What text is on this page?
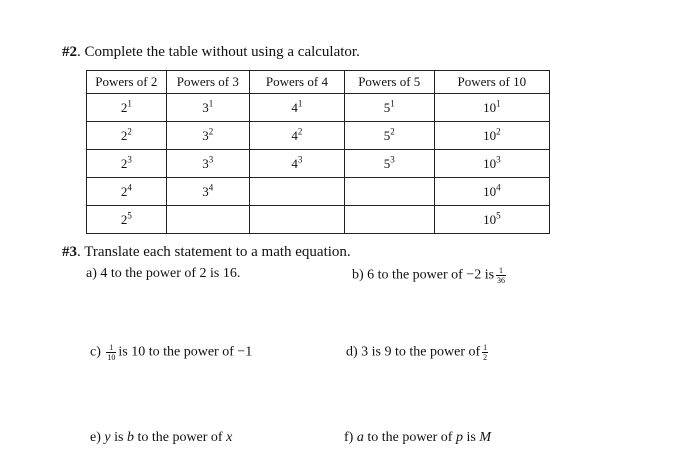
#2. Complete the table without using a calculator.
Powers of 2	Powers of 3	Powers of 4	Powers of 5	Powers of 10
$2^1$	$3^1$	$4^1$	$5^1$	$10^1$
$2^2$	$3^2$	$4^2$	$5^2$	$10^2$
$2^3$	$3^3$	$4^3$	$5^3$	$10^3$
$2^4$	$3^4$			$10^4$
$2^5$				$10^5$
#3. Translate each statement to a math equation.
a) 4 to the power of 2 is 16.	b) 6 to the power of −2 is $\frac{1}{36}$
$c) \frac{1}{10}$ is 10 to the power of −1	d) 3 is 9 to the power of $\frac{1}{2}$
e) y is b to the power of x	f) a to the power of p is M
